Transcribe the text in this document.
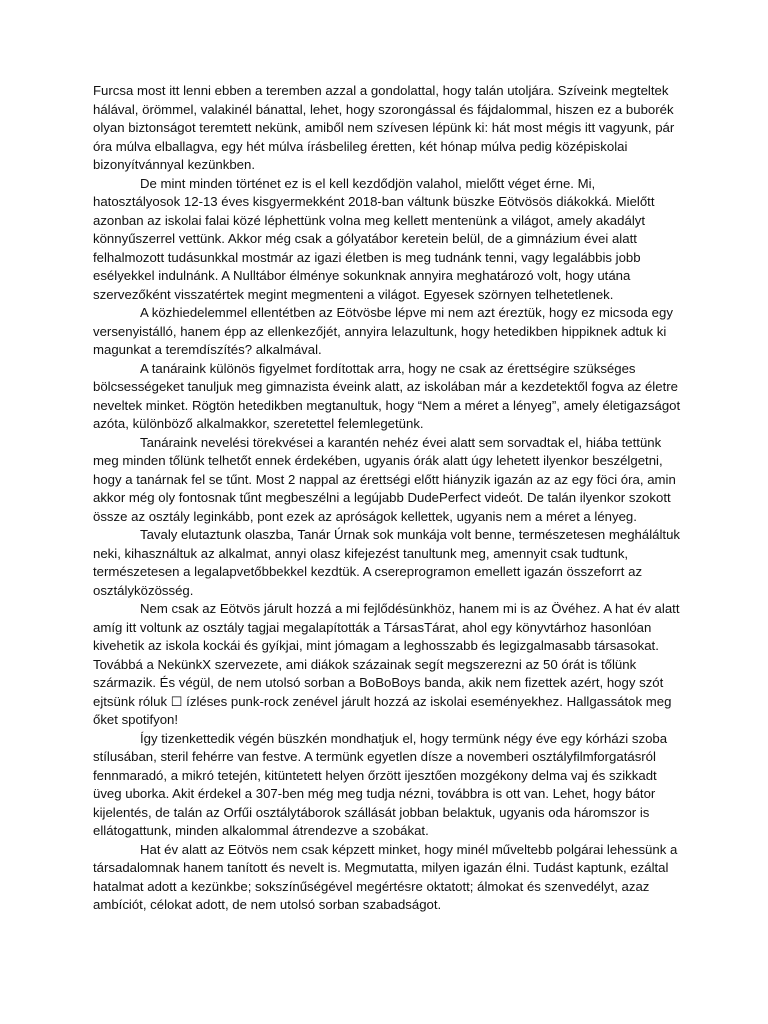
Furcsa most itt lenni ebben a teremben azzal a gondolattal, hogy talán utoljára. Szíveink megteltek hálával, örömmel, valakinél bánattal, lehet, hogy szorongással és fájdalommal, hiszen ez a buborék olyan biztonságot teremtett nekünk, amiből nem szívesen lépünk ki: hát most mégis itt vagyunk, pár óra múlva elballagva, egy hét múlva írásbelileg éretten, két hónap múlva pedig középiskolai bizonyítvánnyal kezünkben.

De mint minden történet ez is el kell kezdődjön valahol, mielőtt véget érne. Mi, hatosztályosok 12-13 éves kisgyermekként 2018-ban váltunk büszke Eötvösös diákokká. Mielőtt azonban az iskolai falai közé léphettünk volna meg kellett mentenünk a világot, amely akadályt könnyűszerrel vettünk. Akkor még csak a gólyatábor keretein belül, de a gimnázium évei alatt felhalmozott tudásunkkal mostmár az igazi életben is meg tudnánk tenni, vagy legalábbis jobb esélyekkel indulnánk. A Nulltábor élménye sokunknak annyira meghatározó volt, hogy utána szervezőként visszatértek megint megmenteni a világot. Egyesek szörnyen telhetetlenek.

A közhiedelemmel ellentétben az Eötvösbe lépve mi nem azt éreztük, hogy ez micsoda egy versenyistálló, hanem épp az ellenkezőjét, annyira lelazultunk, hogy hetedikben hippiknek adtuk ki magunkat a teremdíszítés? alkalmával.

A tanáraink különös figyelmet fordítottak arra, hogy ne csak az érettségire szükséges bölcsességeket tanuljuk meg gimnazista éveink alatt, az iskolában már a kezdetektől fogva az életre neveltek minket. Rögtön hetedikben megtanultuk, hogy “Nem a méret a lényeg”, amely életigazságot azóta, különböző alkalmakkor, szeretettel felemlegetünk.

Tanáraink nevelési törekvései a karantén nehéz évei alatt sem sorvadtak el, hiába tettünk meg minden tőlünk telhetőt ennek érdekében, ugyanis órák alatt úgy lehetett ilyenkor beszélgetni, hogy a tanárnak fel se tűnt. Most 2 nappal az érettségi előtt hiányzik igazán az az egy föci óra, amin akkor még oly fontosnak tűnt megbeszélni a legújabb DudePerfect videót. De talán ilyenkor szokott össze az osztály leginkább, pont ezek az apróságok kellettek, ugyanis nem a méret a lényeg.

Tavaly elutaztunk olaszba, Tanár Úrnak sok munkája volt benne, természetesen megháláltuk neki, kihasználtuk az alkalmat, annyi olasz kifejezést tanultunk meg, amennyit csak tudtunk, természetesen a legalapvetőbbekkel kezdtük. A csereprogramon emellett igazán összeforrt az osztályközösség.

Nem csak az Eötvös járult hozzá a mi fejlődésünkhöz, hanem mi is az Övéhez. A hat év alatt amíg itt voltunk az osztály tagjai megalapították a TársasTárat, ahol egy könyvtárhoz hasonlóan kivehetik az iskola kockái és gyíkjai, mint jómagam a leghosszabb és legizgalmasabb társasokat. Továbbá a NekünkX szervezete, ami diákok százainak segít megszerezni az 50 órát is tőlünk származik. És végül, de nem utolsó sorban a BoBoBoys banda, akik nem fizettek azért, hogy szót ejtsünk róluk ☐ ízléses punk-rock zenével járult hozzá az iskolai eseményekhez. Hallgassátok meg őket spotifyon!

Így tizenkettedik végén büszkén mondhatjuk el, hogy termünk négy éve egy kórházi szoba stílusában, steril fehérre van festve. A termünk egyetlen dísze a novemberi osztályfilmforgatásról fennmaradó, a mikró tetején, kitüntetett helyen őrzött ijesztően mozgékony delma vaj és szikkadt üveg uborka. Akit érdekel a 307-ben még meg tudja nézni, továbbra is ott van. Lehet, hogy bátor kijelentés, de talán az Orfűi osztálytáborok szállását jobban belaktuk, ugyanis oda háromszor is ellátogattunk, minden alkalommal átrendezve a szobákat.

Hat év alatt az Eötvös nem csak képzett minket, hogy minél műveltebb polgárai lehessünk a társadalomnak hanem tanított és nevelt is. Megmutatta, milyen igazán élni. Tudást kaptunk, ezáltal hatalmat adott a kezünkbe; sokszínűségével megértésre oktatott; álmokat és szenvedélyt, azaz ambíciót, célokat adott, de nem utolsó sorban szabadságot.
